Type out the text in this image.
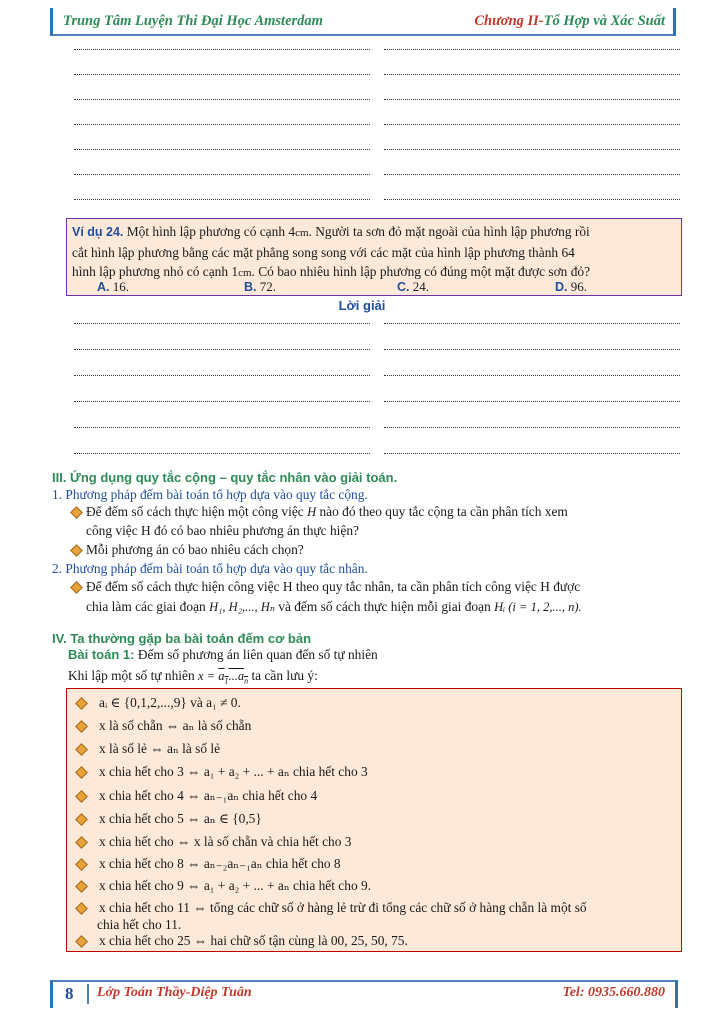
Trung Tâm Luyện Thi Đại Học Amsterdam	Chương II-Tổ Hợp và Xác Suất
Ví dụ 24. Một hình lập phương có cạnh 4cm. Người ta sơn đỏ mặt ngoài của hình lập phương rồi
cắt hình lập phương bằng các mặt phẳng song song với các mặt của hình lập phương thành 64
hình lập phương nhỏ có cạnh 1cm. Có bao nhiêu hình lập phương có đúng một mặt được sơn đỏ?
A. 16.	B. 72.	C. 24.	D. 96.
Lời giải
III. Ứng dụng quy tắc cộng – quy tắc nhân vào giải toán.
1. Phương pháp đếm bài toán tổ hợp dựa vào quy tắc cộng.
Để đếm số cách thực hiện một công việc H nào đó theo quy tắc cộng ta cần phân tích xem
công việc H đó có bao nhiêu phương án thực hiện?
Mỗi phương án có bao nhiêu cách chọn?
2. Phương pháp đếm bài toán tổ hợp dựa vào quy tắc nhân.
Để đếm số cách thực hiện công việc H theo quy tắc nhân, ta cần phân tích công việc H được
chia làm các giai đoạn H₁, H₂,..., Hₙ và đếm số cách thực hiện mỗi giai đoạn Hᵢ (i = 1, 2,..., n).
IV. Ta thường gặp ba bài toán đếm cơ bản
Bài toán 1: Đếm số phương án liên quan đến số tự nhiên
Khi lập một số tự nhiên $x = a_1...a_n$ ta cần lưu ý:
aᵢ ∈ {0,1,2,...,9} và a₁ ≠ 0.
x là số chẵn ⇔ aₙ là số chẵn
x là số lẻ ⇔ aₙ là số lẻ
x chia hết cho 3 ⇔ a₁ + a₂ + ... + aₙ chia hết cho 3
x chia hết cho 4 ⇔ aₙ₋₁aₙ chia hết cho 4
x chia hết cho 5 ⇔ aₙ ∈ {0,5}
x chia hết cho ⇔ x là số chẵn và chia hết cho 3
x chia hết cho 8 ⇔ aₙ₋₂aₙ₋₁aₙ chia hết cho 8
x chia hết cho 9 ⇔ a₁ + a₂ + ... + aₙ chia hết cho 9.
x chia hết cho 11 ⇔ tổng các chữ số ở hàng lẻ trừ đi tổng các chữ số ở hàng chẵn là một số
chia hết cho 11.
x chia hết cho 25 ⇔ hai chữ số tận cùng là 00, 25, 50, 75.
8 Lớp Toán Thầy-Diệp Tuân	Tel: 0935.660.880
